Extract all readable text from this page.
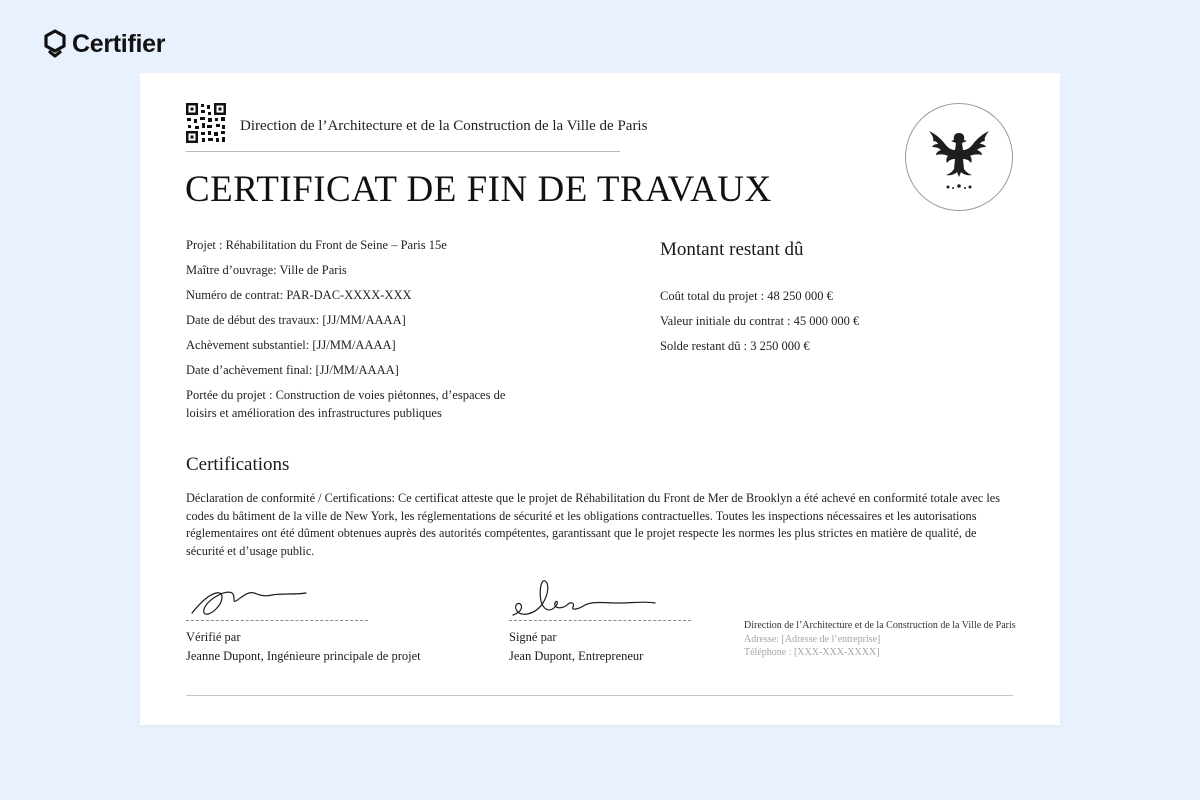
Certifier
Direction de l’Architecture et de la Construction de la Ville de Paris
CERTIFICAT DE FIN DE TRAVAUX
Projet : Réhabilitation du Front de Seine – Paris 15e
Maître d’ouvrage: Ville de Paris
Numéro de contrat: PAR-DAC-XXXX-XXX
Date de début des travaux: [JJ/MM/AAAA]
Achèvement substantiel: [JJ/MM/AAAA]
Date d’achèvement final: [JJ/MM/AAAA]
Portée du projet : Construction de voies piétonnes, d’espaces de loisirs et amélioration des infrastructures publiques
Montant restant dû
Coût total du projet : 48 250 000 €
Valeur initiale du contrat : 45 000 000 €
Solde restant dû : 3 250 000 €
Certifications
Déclaration de conformité / Certifications: Ce certificat atteste que le projet de Réhabilitation du Front de Mer de Brooklyn a été achevé en conformité totale avec les codes du bâtiment de la ville de New York, les réglementations de sécurité et les obligations contractuelles. Toutes les inspections nécessaires et les autorisations réglementaires ont été dûment obtenues auprès des autorités compétentes, garantissant que le projet respecte les normes les plus strictes en matière de qualité, de sécurité et d’usage public.
Vérifié par
Jeanne Dupont, Ingénieure principale de projet
Signé par
Jean Dupont, Entrepreneur
Direction de l’Architecture et de la Construction de la Ville de Paris
Adresse: [Adresse de l’entreprise]
Téléphone : [XXX-XXX-XXXX]
